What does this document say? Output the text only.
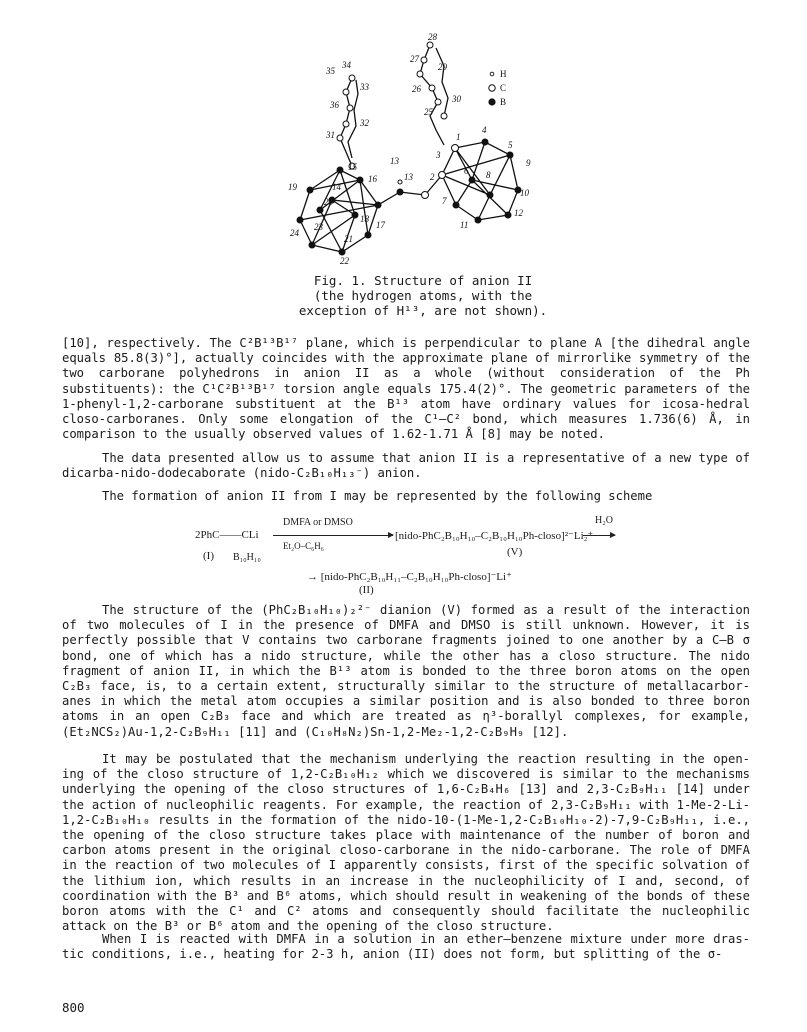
H
C
B
28
27
29
34
35
33	26
30
36
25
32
31	4
1
5
3
13
15	9
16	13 2
6 8
19	14
10
20	7
12
18
17	11
24
23
21
22
Fig. 1. Structure of anion II
(the hydrogen atoms, with the
exception of H¹³, are not shown).

[10], respectively. The C²B¹³B¹⁷ plane, which is perpendicular to plane A [the dihedral angle equals 85.8(3)°], actually coincides with the approximate plane of mirrorlike symmetry of the two carborane polyhedrons in anion II as a whole (without consideration of the Ph substituents): the C¹C²B¹³B¹⁷ torsion angle equals 175.4(2)°. The geometric parameters of the 1-phenyl-1,2-carborane substituent at the B¹³ atom have ordinary values for icosa-hedral closo-carboranes. Only some elongation of the C¹–C² bond, which measures 1.736(6) Å, in comparison to the usually observed values of 1.62-1.71 Å [8] may be noted.

The data presented allow us to assume that anion II is a representative of a new type of dicarba-nido-dodecaborate (nido-C₂B₁₀H₁₃⁻) anion.

The formation of anion II from I may be represented by the following scheme

DMFA or DMSO
2PhC——CLi
Et₂O–C₆H₆
[nido-PhC₂B₁₀H₁₀–C₂B₁₀H₁₀Ph-closo]²⁻Li₂⁺
H₂O
(I) B₁₀H₁₀	(V)
→ [nido-PhC₂B₁₀H₁₁–C₂B₁₀H₁₀Ph-closo]⁻Li⁺
(II)

The structure of the (PhC₂B₁₀H₁₀)₂²⁻ dianion (V) formed as a result of the interaction of two molecules of I in the presence of DMFA and DMSO is still unknown. However, it is perfectly possible that V contains two carborane fragments joined to one another by a C–B σ bond, one of which has a nido structure, while the other has a closo structure. The nido fragment of anion II, in which the B¹³ atom is bonded to the three boron atoms on the open C₂B₃ face, is, to a certain extent, structurally similar to the structure of metallacarbor-anes in which the metal atom occupies a similar position and is also bonded to three boron atoms in an open C₂B₃ face and which are treated as η³-borallyl complexes, for example, (Et₂NCS₂)Au-1,2-C₂B₉H₁₁ [11] and (C₁₀H₈N₂)Sn-1,2-Me₂-1,2-C₂B₉H₉ [12].

It may be postulated that the mechanism underlying the reaction resulting in the open-ing of the closo structure of 1,2-C₂B₁₀H₁₂ which we discovered is similar to the mechanisms underlying the opening of the closo structures of 1,6-C₂B₄H₆ [13] and 2,3-C₂B₉H₁₁ [14] under the action of nucleophilic reagents. For example, the reaction of 2,3-C₂B₉H₁₁ with 1-Me-2-Li-1,2-C₂B₁₀H₁₀ results in the formation of the nido-10-(1-Me-1,2-C₂B₁₀H₁₀-2)-7,9-C₂B₉H₁₁, i.e., the opening of the closo structure takes place with maintenance of the number of boron and carbon atoms present in the original closo-carborane in the nido-carborane. The role of DMFA in the reaction of two molecules of I apparently consists, first of the specific solvation of the lithium ion, which results in an increase in the nucleophilicity of I and, second, of coordination with the B³ and B⁶ atoms, which should result in weakening of the bonds of these boron atoms with the C¹ and C² atoms and consequently should facilitate the nucleophilic attack on the B³ or B⁶ atom and the opening of the closo structure.

When I is reacted with DMFA in a solution in an ether–benzene mixture under more dras-tic conditions, i.e., heating for 2-3 h, anion (II) does not form, but splitting of the σ-

800
